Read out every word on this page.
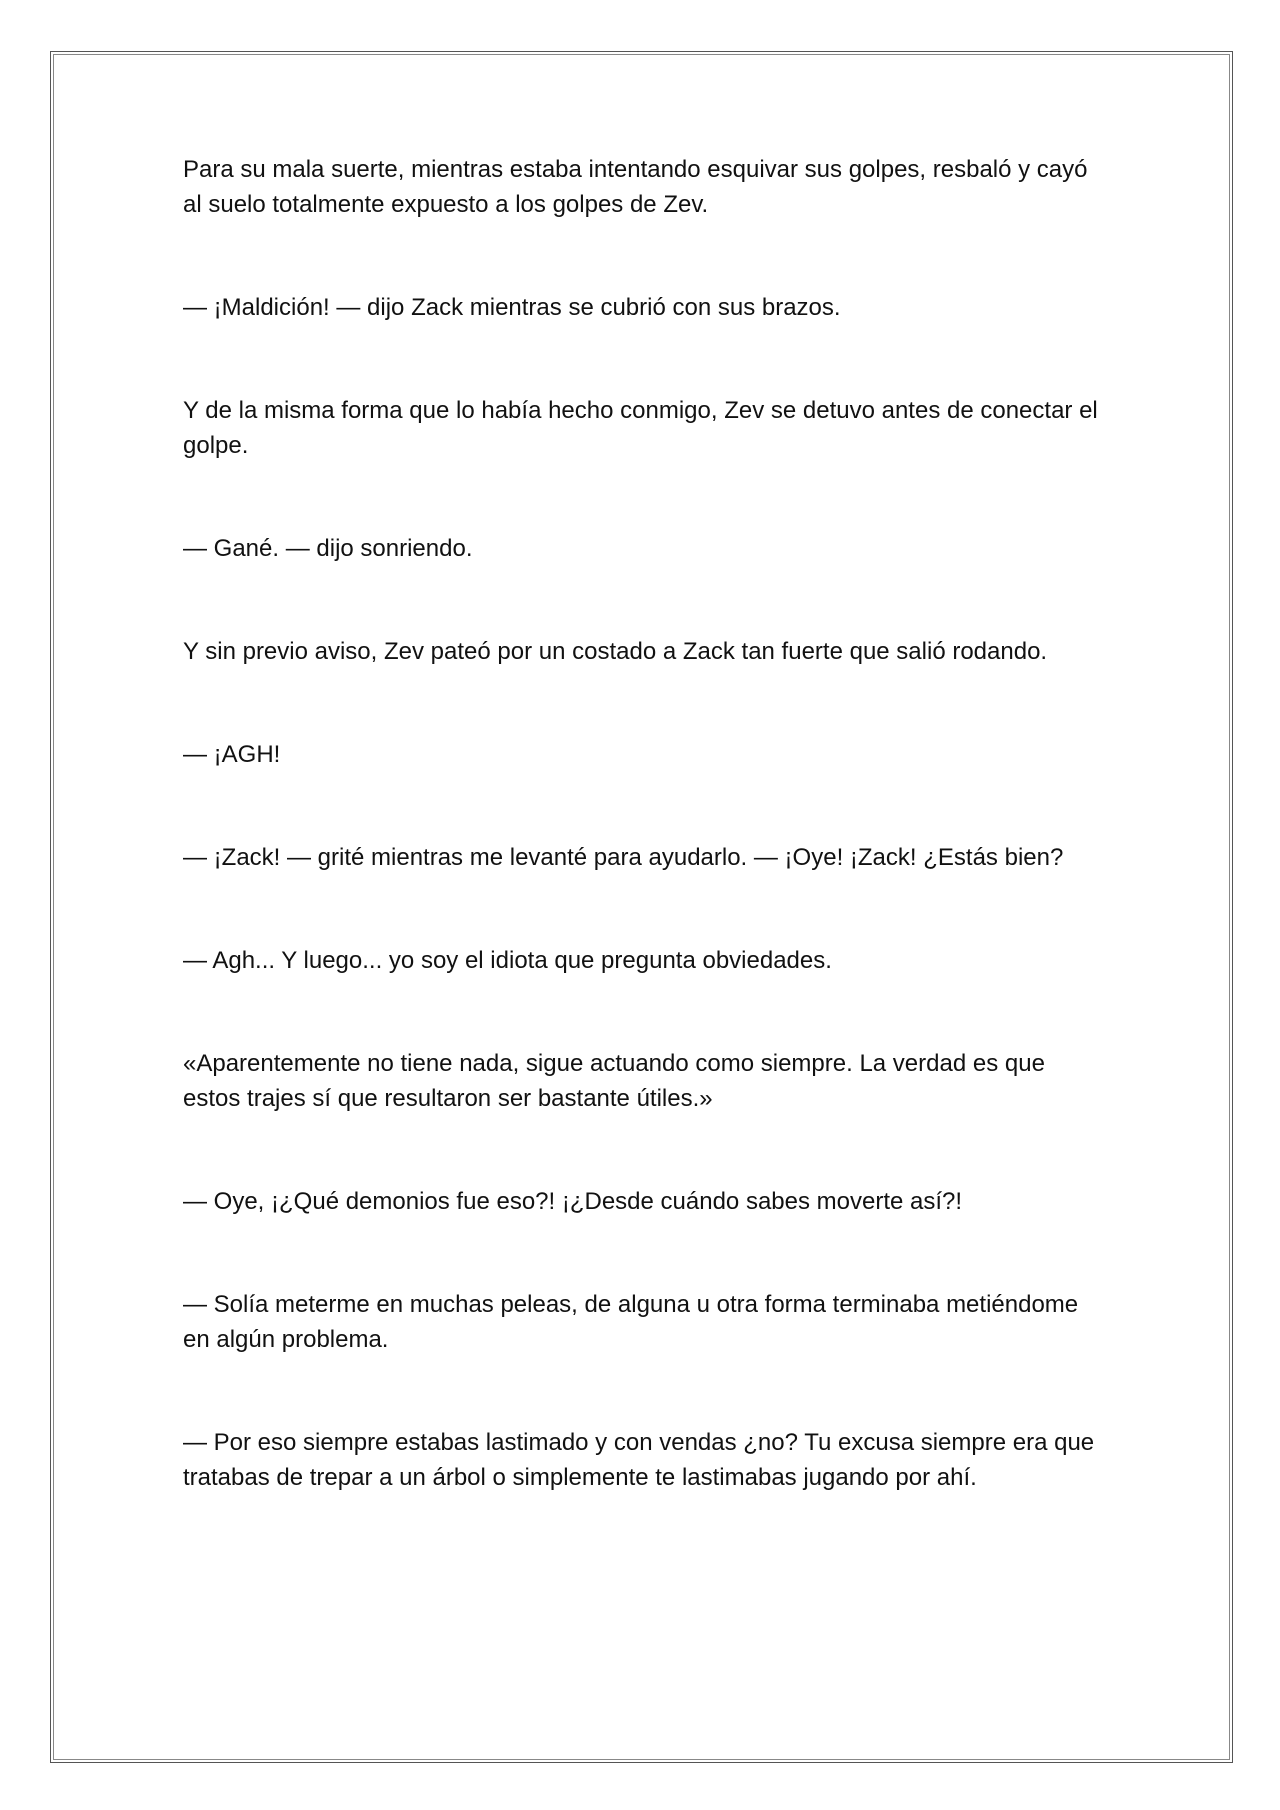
Para su mala suerte, mientras estaba intentando esquivar sus golpes, resbaló y cayó al suelo totalmente expuesto a los golpes de Zev.

— ¡Maldición! — dijo Zack mientras se cubrió con sus brazos.

Y de la misma forma que lo había hecho conmigo, Zev se detuvo antes de conectar el golpe.

— Gané. — dijo sonriendo.

Y sin previo aviso, Zev pateó por un costado a Zack tan fuerte que salió rodando.

— ¡AGH!

— ¡Zack! — grité mientras me levanté para ayudarlo. — ¡Oye! ¡Zack! ¿Estás bien?

— Agh... Y luego... yo soy el idiota que pregunta obviedades.

«Aparentemente no tiene nada, sigue actuando como siempre. La verdad es que estos trajes sí que resultaron ser bastante útiles.»

— Oye, ¡¿Qué demonios fue eso?! ¡¿Desde cuándo sabes moverte así?!

— Solía meterme en muchas peleas, de alguna u otra forma terminaba metiéndome en algún problema.

— Por eso siempre estabas lastimado y con vendas ¿no? Tu excusa siempre era que tratabas de trepar a un árbol o simplemente te lastimabas jugando por ahí.
